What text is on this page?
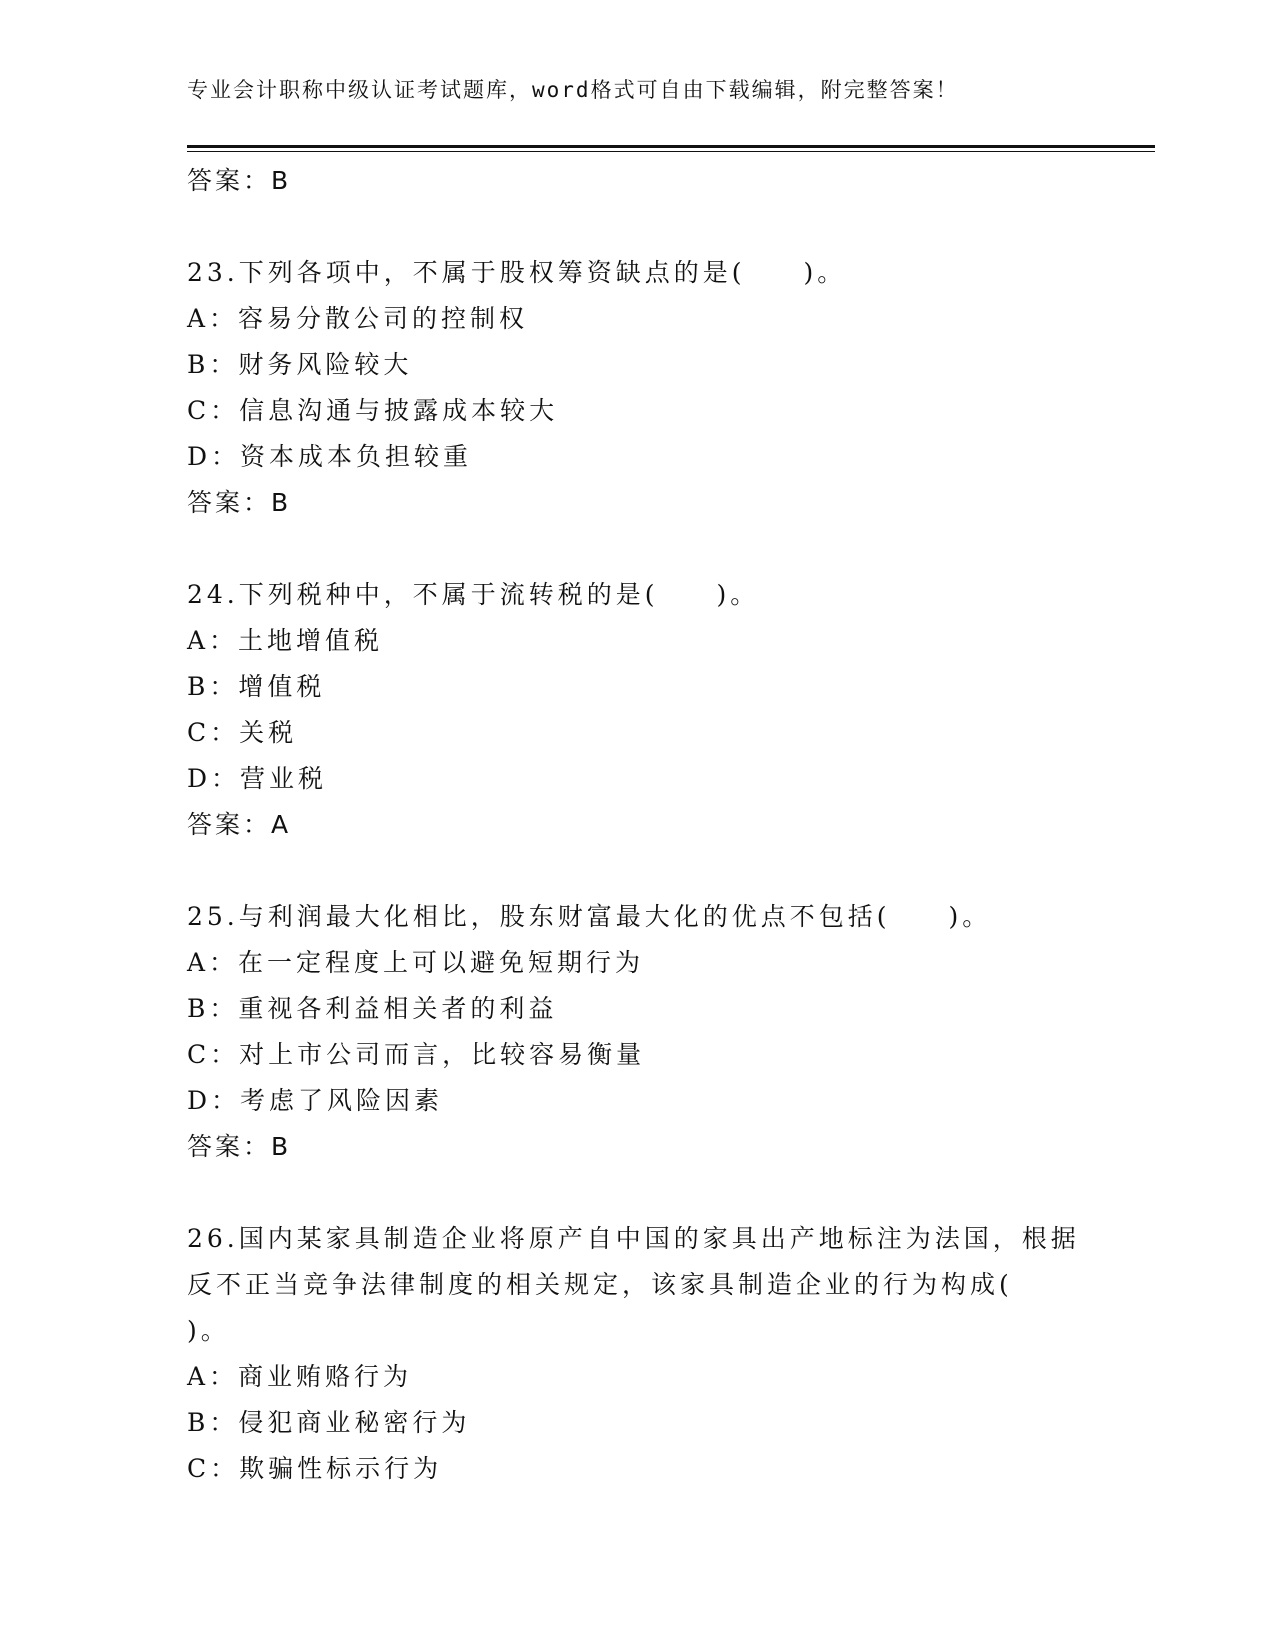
专业会计职称中级认证考试题库，word格式可自由下载编辑，附完整答案！
答案：B
23.下列各项中，不属于股权筹资缺点的是(　　)。
A：容易分散公司的控制权
B：财务风险较大
C：信息沟通与披露成本较大
D：资本成本负担较重
答案：B
24.下列税种中，不属于流转税的是(　　)。
A：土地增值税
B：增值税
C：关税
D：营业税
答案：A
25.与利润最大化相比，股东财富最大化的优点不包括(　　)。
A：在一定程度上可以避免短期行为
B：重视各利益相关者的利益
C：对上市公司而言，比较容易衡量
D：考虑了风险因素
答案：B
26.国内某家具制造企业将原产自中国的家具出产地标注为法国，根据
反不正当竞争法律制度的相关规定，该家具制造企业的行为构成(
)。
A：商业贿赂行为
B：侵犯商业秘密行为
C：欺骗性标示行为
